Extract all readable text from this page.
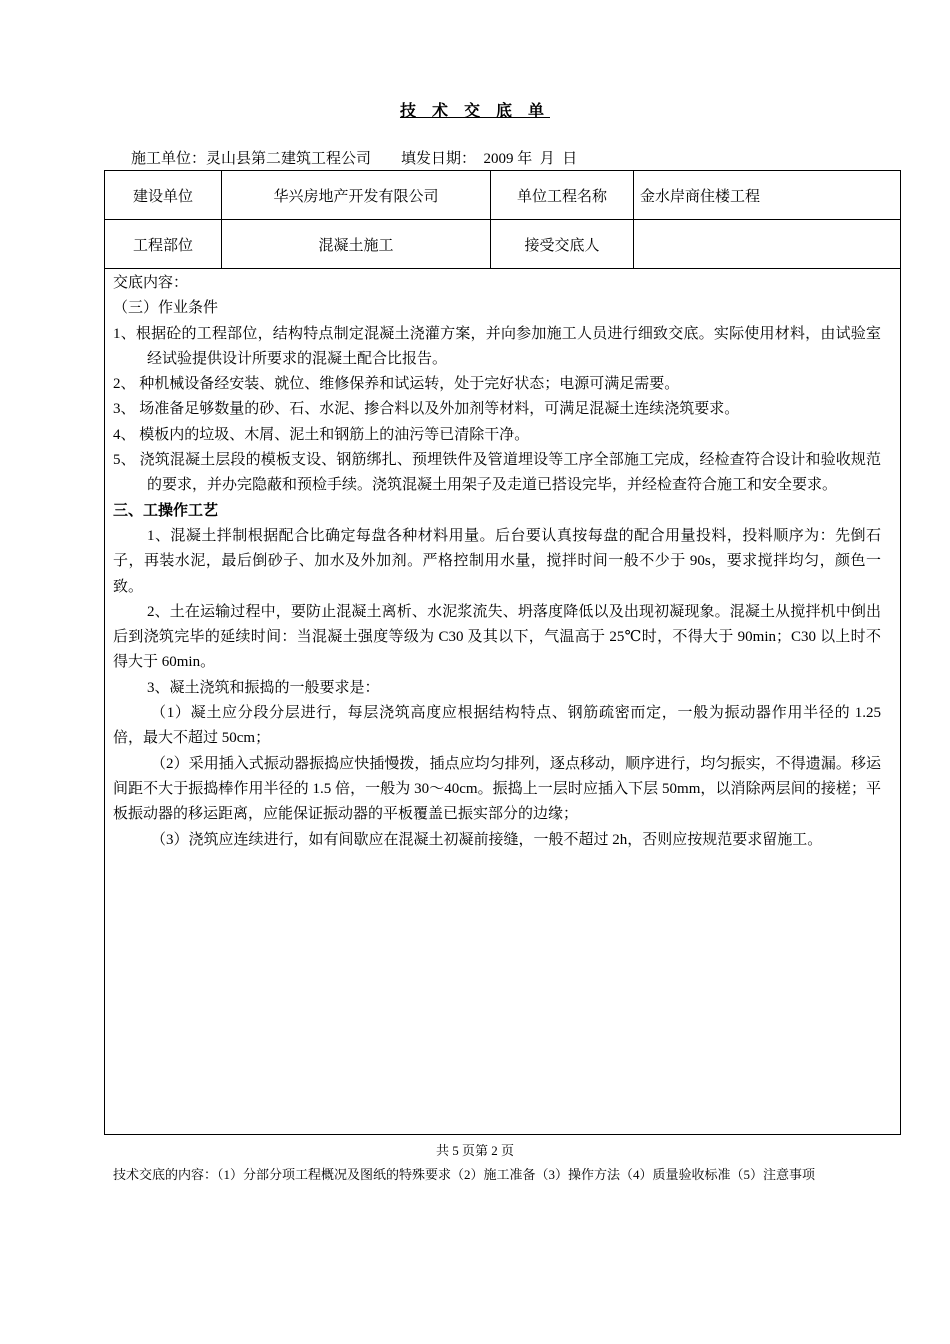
技 术 交 底 单
施工单位：灵山县第二建筑工程公司        填发日期：  2009 年  月  日
建设单位	华兴房地产开发有限公司	单位工程名称	金水岸商住楼工程
工程部位	混凝土施工	接受交底人	

交底内容：

（三）作业条件

1、根据砼的工程部位，结构特点制定混凝土浇灌方案，并向参加施工人员进行细致交底。实际使用材料，由试验室经试验提供设计所要求的混凝土配合比报告。

2、 种机械设备经安装、就位、维修保养和试运转，处于完好状态；电源可满足需要。

3、 场准备足够数量的砂、石、水泥、掺合料以及外加剂等材料，可满足混凝土连续浇筑要求。

4、 模板内的垃圾、木屑、泥土和钢筋上的油污等已清除干净。

5、 浇筑混凝土层段的模板支设、钢筋绑扎、预埋铁件及管道埋设等工序全部施工完成，经检查符合设计和验收规范的要求，并办完隐蔽和预检手续。浇筑混凝土用架子及走道已搭设完毕，并经检查符合施工和安全要求。

三、工操作工艺

1、混凝土拌制根据配合比确定每盘各种材料用量。后台要认真按每盘的配合用量投料，投料顺序为：先倒石子，再装水泥，最后倒砂子、加水及外加剂。严格控制用水量，搅拌时间一般不少于 90s，要求搅拌均匀，颜色一致。

2、土在运输过程中，要防止混凝土离析、水泥浆流失、坍落度降低以及出现初凝现象。混凝土从搅拌机中倒出后到浇筑完毕的延续时间：当混凝土强度等级为 C30 及其以下，气温高于 25℃时，不得大于 90min；C30 以上时不得大于 60min。

3、凝土浇筑和振捣的一般要求是：

（1）凝土应分段分层进行，每层浇筑高度应根据结构特点、钢筋疏密而定，一般为振动器作用半径的 1.25 倍，最大不超过 50cm；

（2）采用插入式振动器振捣应快插慢拨，插点应均匀排列，逐点移动，顺序进行，均匀振实，不得遗漏。移运间距不大于振捣棒作用半径的 1.5 倍，一般为 30～40cm。振捣上一层时应插入下层 50mm，以消除两层间的接槎；平板振动器的移运距离，应能保证振动器的平板覆盖已振实部分的边缘；

（3）浇筑应连续进行，如有间歇应在混凝土初凝前接缝，一般不超过 2h，否则应按规范要求留施工。

共 5 页第 2 页
技术交底的内容：（1）分部分项工程概况及图纸的特殊要求（2）施工准备（3）操作方法（4）质量验收标准（5）注意事项
